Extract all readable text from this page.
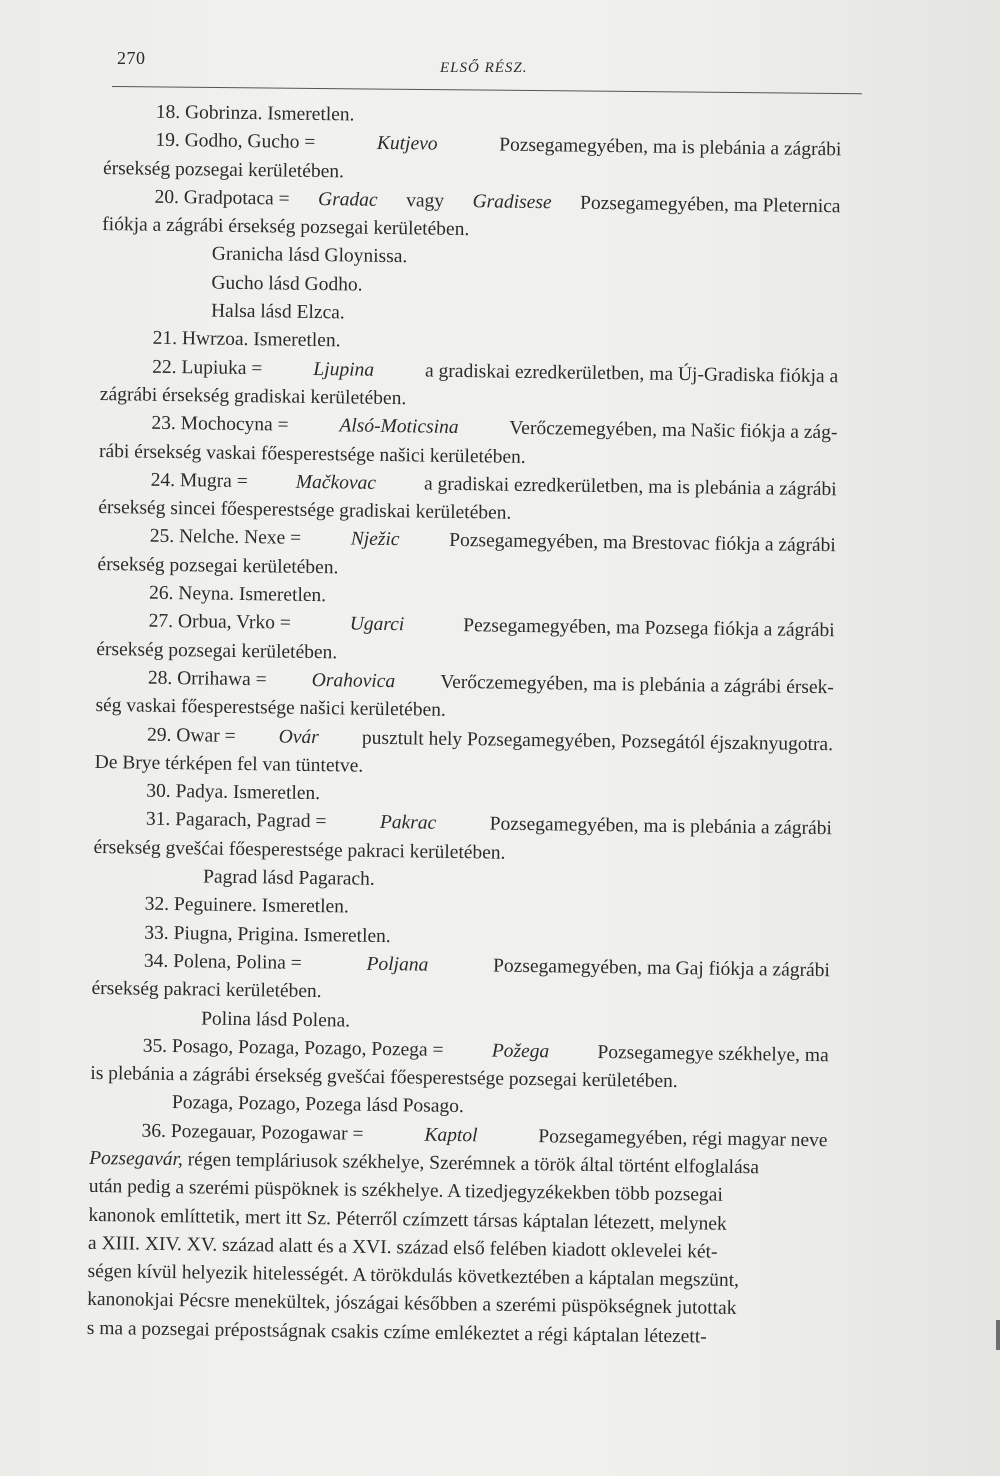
270	ELSŐ RÉSZ.
18. Gobrinza. Ismeretlen.
19. Godho, Gucho =	Kutjevo	Pozsegamegyében, ma is plebánia a zágrábi
érsekség pozsegai kerületében.
20. Gradpotaca = Gradac vagy Gradisese Pozsegamegyében, ma Pleternica
fiókja a zágrábi érsekség pozsegai kerületében.
Granicha lásd Gloynissa.
Gucho lásd Godho.
Halsa lásd Elzca.
21. Hwrzoa. Ismeretlen.
22. Lupiuka =	Ljupina	a gradiskai ezredkerületben, ma Új-Gradiska fiókja a
zágrábi érsekség gradiskai kerületében.
23. Mochocyna =	Alsó-Moticsina	Verőczemegyében, ma Našic fiókja a zág-
rábi érsekség vaskai főesperestsége našici kerületében.
24. Mugra = Mačkovac a gradiskai ezredkerületben, ma is plebánia a zágrábi
érsekség sincei főesperestsége gradiskai kerületében.
25. Nelche. Nexe =	Nježic	Pozsegamegyében, ma Brestovac fiókja a zágrábi
érsekség pozsegai kerületében.
26. Neyna. Ismeretlen.
27. Orbua, Vrko =	Ugarci	Pezsegamegyében, ma Pozsega fiókja a zágrábi
érsekség pozsegai kerületében.
28. Orrihawa = Orahovica Verőczemegyében, ma is plebánia a zágrábi érsek-
ség vaskai főesperestsége našici kerületében.
29. Owar = Ovár pusztult hely Pozsegamegyében, Pozsegától éjszaknyugotra.
De Brye térképen fel van tüntetve.
30. Padya. Ismeretlen.
31. Pagarach, Pagrad =	Pakrac	Pozsegamegyében, ma is plebánia a zágrábi
érsekség gvešćai főesperestsége pakraci kerületében.
Pagrad lásd Pagarach.
32. Peguinere. Ismeretlen.
33. Piugna, Prigina. Ismeretlen.
34. Polena, Polina =	Poljana	Pozsegamegyében, ma Gaj fiókja a zágrábi
érsekség pakraci kerületében.
Polina lásd Polena.
35. Posago, Pozaga, Pozago, Pozega = Požega Pozsegamegye székhelye, ma
is plebánia a zágrábi érsekség gvešćai főesperestsége pozsegai kerületében.
Pozaga, Pozago, Pozega lásd Posago.
36. Pozegauar, Pozogawar =	Kaptol	Pozsegamegyében, régi magyar neve
Pozsegavár, régen templáriusok székhelye, Szerémnek a török által történt elfoglalása
után pedig a szerémi püspöknek is székhelye. A tizedjegyzékekben több pozsegai
kanonok említtetik, mert itt Sz. Péterről czímzett társas káptalan létezett, melynek
a XIII. XIV. XV. század alatt és a XVI. század első felében kiadott oklevelei két-
ségen kívül helyezik hitelességét. A törökdulás következtében a káptalan megszünt,
kanonokjai Pécsre menekültek, jószágai későbben a szerémi püspökségnek jutottak
s ma a pozsegai prépostságnak csakis czíme emlékeztet a régi káptalan létezett-
